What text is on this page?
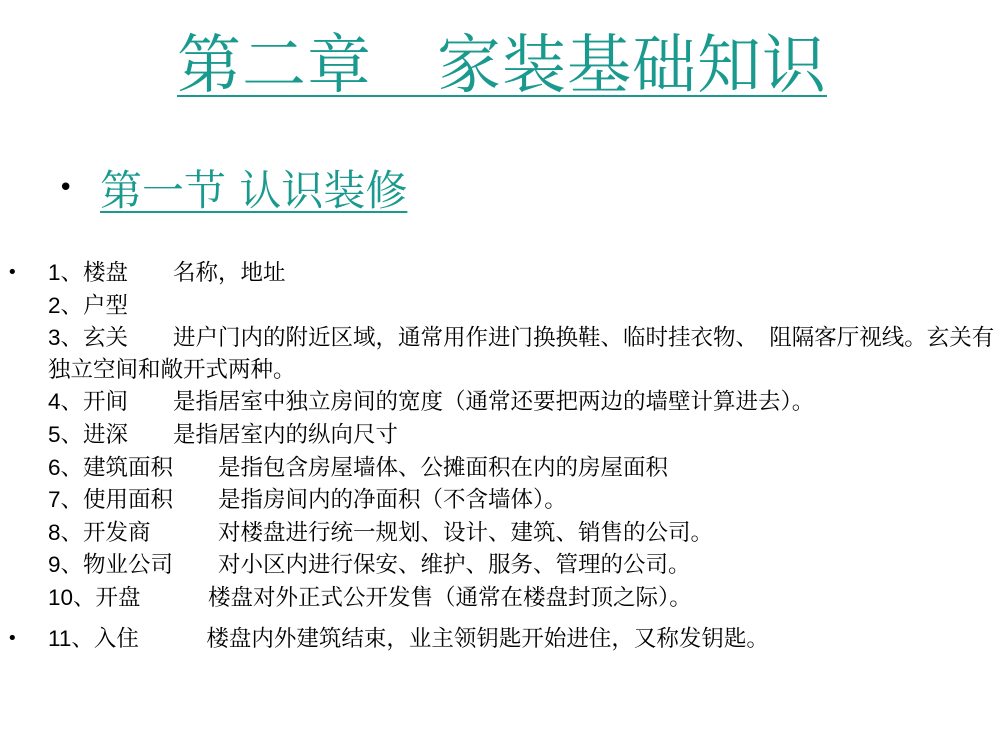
第二章　家装基础知识
• 第一节 认识装修
• 1、楼盘　　名称，地址
2、户型
3、玄关　　进户门内的附近区域，通常用作进门换换鞋、临时挂衣物、　阻隔客厅视线。玄关有独立空间和敞开式两种。
4、开间　　是指居室中独立房间的宽度（通常还要把两边的墙壁计算进去）。
5、进深　　是指居室内的纵向尺寸
6、建筑面积　　是指包含房屋墙体、公摊面积在内的房屋面积
7、使用面积　　是指房间内的净面积（不含墙体）。
8、开发商　　　对楼盘进行统一规划、设计、建筑、销售的公司。
9、物业公司　　对小区内进行保安、维护、服务、管理的公司。
10、开盘　　　楼盘对外正式公开发售（通常在楼盘封顶之际）。
• 11、入住　　　楼盘内外建筑结束，业主领钥匙开始进住，又称发钥匙。
